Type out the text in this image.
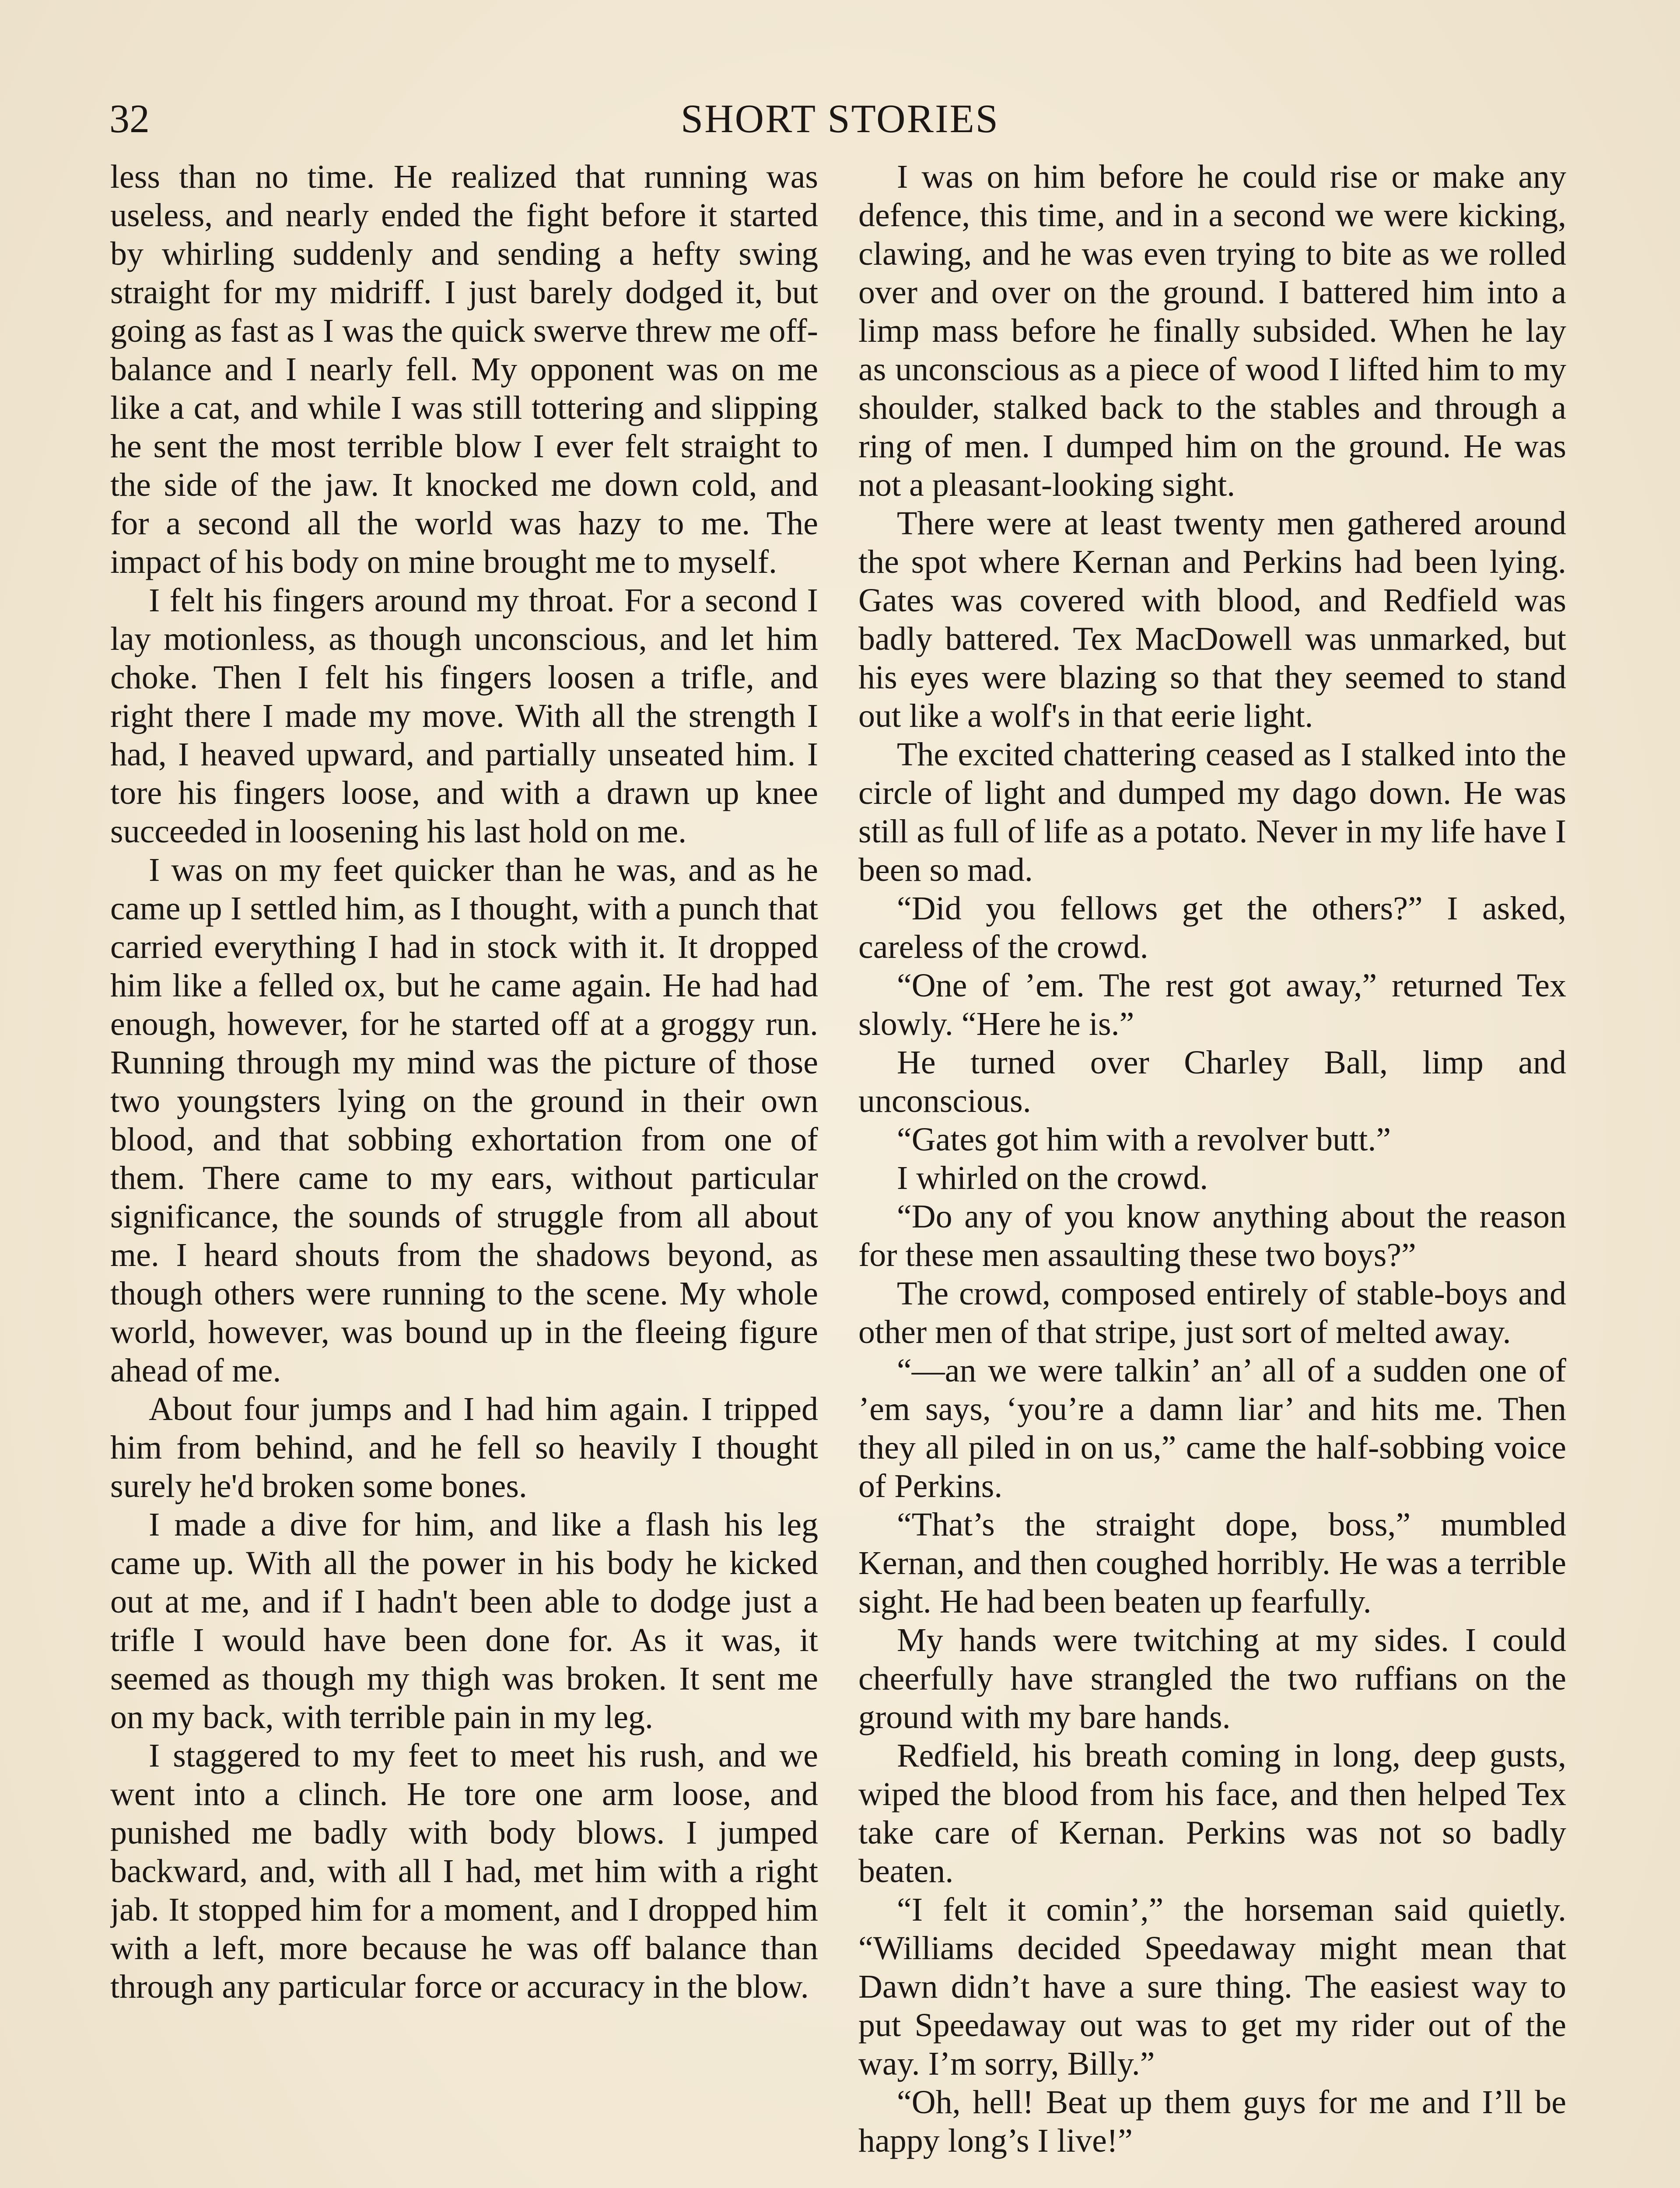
32	SHORT STORIES

less than no time. He realized that running was useless, and nearly ended the fight before it started by whirling suddenly and sending a hefty swing straight for my midriff. I just barely dodged it, but going as fast as I was the quick swerve threw me off-balance and I nearly fell. My opponent was on me like a cat, and while I was still tottering and slipping he sent the most terrible blow I ever felt straight to the side of the jaw. It knocked me down cold, and for a second all the world was hazy to me. The impact of his body on mine brought me to myself.

I felt his fingers around my throat. For a second I lay motionless, as though unconscious, and let him choke. Then I felt his fingers loosen a trifle, and right there I made my move. With all the strength I had, I heaved upward, and partially unseated him. I tore his fingers loose, and with a drawn up knee succeeded in loosening his last hold on me.

I was on my feet quicker than he was, and as he came up I settled him, as I thought, with a punch that carried everything I had in stock with it. It dropped him like a felled ox, but he came again. He had had enough, however, for he started off at a groggy run. Running through my mind was the picture of those two youngsters lying on the ground in their own blood, and that sobbing exhortation from one of them. There came to my ears, without particular significance, the sounds of struggle from all about me. I heard shouts from the shadows beyond, as though others were running to the scene. My whole world, however, was bound up in the fleeing figure ahead of me.

About four jumps and I had him again. I tripped him from behind, and he fell so heavily I thought surely he'd broken some bones.

I made a dive for him, and like a flash his leg came up. With all the power in his body he kicked out at me, and if I hadn't been able to dodge just a trifle I would have been done for. As it was, it seemed as though my thigh was broken. It sent me on my back, with terrible pain in my leg.

I staggered to my feet to meet his rush, and we went into a clinch. He tore one arm loose, and punished me badly with body blows. I jumped backward, and, with all I had, met him with a right jab. It stopped him for a moment, and I dropped him with a left, more because he was off balance than through any particular force or accuracy in the blow.

I was on him before he could rise or make any defence, this time, and in a second we were kicking, clawing, and he was even trying to bite as we rolled over and over on the ground. I battered him into a limp mass before he finally subsided. When he lay as unconscious as a piece of wood I lifted him to my shoulder, stalked back to the stables and through a ring of men. I dumped him on the ground. He was not a pleasant-looking sight.

There were at least twenty men gathered around the spot where Kernan and Perkins had been lying. Gates was covered with blood, and Redfield was badly battered. Tex MacDowell was unmarked, but his eyes were blazing so that they seemed to stand out like a wolf's in that eerie light.

The excited chattering ceased as I stalked into the circle of light and dumped my dago down. He was still as full of life as a potato. Never in my life have I been so mad.

“Did you fellows get the others?” I asked, careless of the crowd.

“One of ’em. The rest got away,” returned Tex slowly. “Here he is.”

He turned over Charley Ball, limp and unconscious.

“Gates got him with a revolver butt.”

I whirled on the crowd.

“Do any of you know anything about the reason for these men assaulting these two boys?”

The crowd, composed entirely of stable-boys and other men of that stripe, just sort of melted away.

“—an we were talkin’ an’ all of a sudden one of ’em says, ‘you’re a damn liar’ and hits me. Then they all piled in on us,” came the half-sobbing voice of Perkins.

“That’s the straight dope, boss,” mumbled Kernan, and then coughed horribly. He was a terrible sight. He had been beaten up fearfully.

My hands were twitching at my sides. I could cheerfully have strangled the two ruffians on the ground with my bare hands.

Redfield, his breath coming in long, deep gusts, wiped the blood from his face, and then helped Tex take care of Kernan. Perkins was not so badly beaten.

“I felt it comin’,” the horseman said quietly. “Williams decided Speedaway might mean that Dawn didn’t have a sure thing. The easiest way to put Speedaway out was to get my rider out of the way. I’m sorry, Billy.”

“Oh, hell! Beat up them guys for me and I’ll be happy long’s I live!”
